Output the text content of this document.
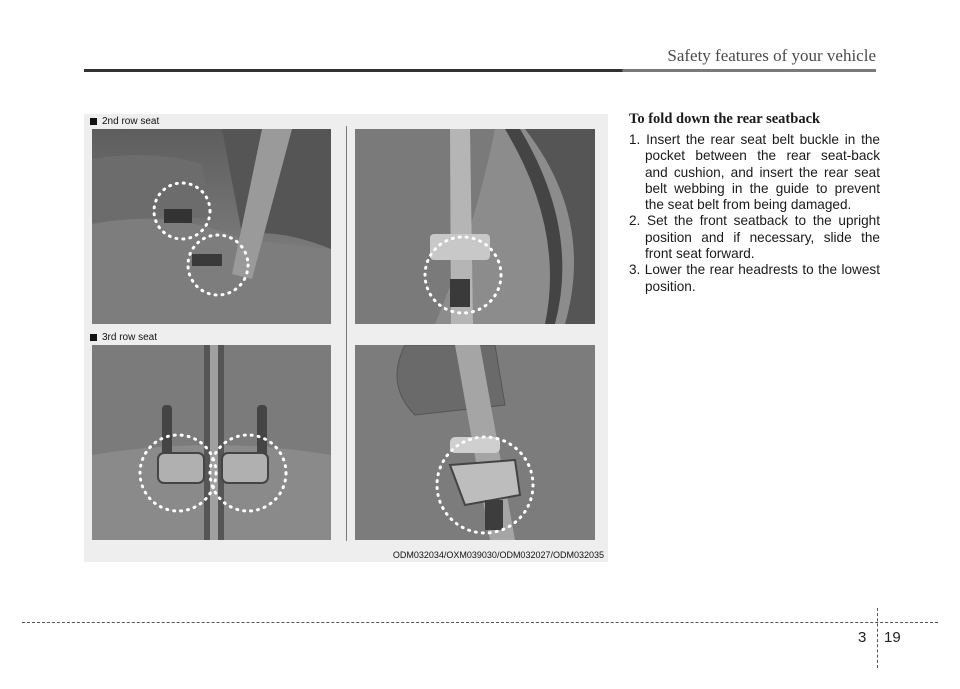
Safety features of your vehicle
2nd row seat
3rd row seat
ODM032034/OXM039030/ODM032027/ODM032035
To fold down the rear seatback
1. Insert the rear seat belt buckle in the pocket between the rear seat-back and cushion, and insert the rear seat belt webbing in the guide to prevent the seat belt from being damaged.
2. Set the front seatback to the upright position and if necessary, slide the front seat forward.
3. Lower the rear headrests to the lowest position.
3 19
